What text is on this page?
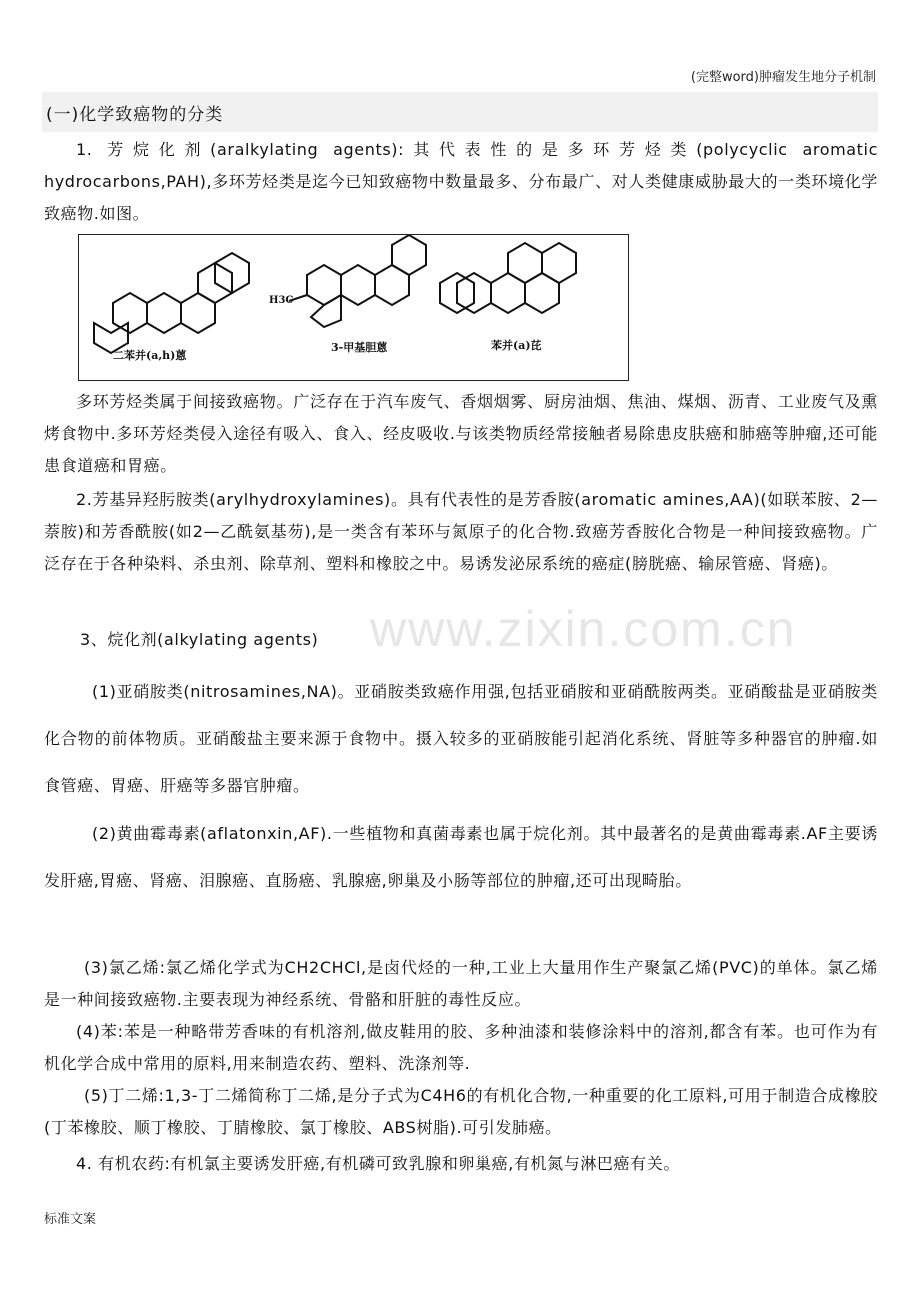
(完整word)肿瘤发生地分子机制
(一)化学致癌物的分类

1. 芳烷化剂(aralkylating agents):其代表性的是多环芳烃类(polycyclic aromatic hydrocarbons,PAH),多环芳烃类是迄今已知致癌物中数量最多、分布最广、对人类健康威胁最大的一类环境化学致癌物.如图。

二苯并(a,h)蒽
3-甲基胆蒽	苯并(a)芘
H3C

多环芳烃类属于间接致癌物。广泛存在于汽车废气、香烟烟雾、厨房油烟、焦油、煤烟、沥青、工业废气及熏烤食物中.多环芳烃类侵入途径有吸入、食入、经皮吸收.与该类物质经常接触者易除患皮肤癌和肺癌等肿瘤,还可能患食道癌和胃癌。

2.芳基异羟肟胺类(arylhydroxylamines)。具有代表性的是芳香胺(aromatic amines,AA)(如联苯胺、2—萘胺)和芳香酰胺(如2—乙酰氨基芴),是一类含有苯环与氮原子的化合物.致癌芳香胺化合物是一种间接致癌物。广泛存在于各种染料、杀虫剂、除草剂、塑料和橡胶之中。易诱发泌尿系统的癌症(膀胱癌、输尿管癌、肾癌)。

3、烷化剂(alkylating agents)

(1)亚硝胺类(nitrosamines,NA)。亚硝胺类致癌作用强,包括亚硝胺和亚硝酰胺两类。亚硝酸盐是亚硝胺类化合物的前体物质。亚硝酸盐主要来源于食物中。摄入较多的亚硝胺能引起消化系统、肾脏等多种器官的肿瘤.如食管癌、胃癌、肝癌等多器官肿瘤。

(2)黄曲霉毒素(aflatonxin,AF).一些植物和真菌毒素也属于烷化剂。其中最著名的是黄曲霉毒素.AF主要诱发肝癌,胃癌、肾癌、泪腺癌、直肠癌、乳腺癌,卵巢及小肠等部位的肿瘤,还可出现畸胎。

(3)氯乙烯:氯乙烯化学式为CH2CHCl,是卤代烃的一种,工业上大量用作生产聚氯乙烯(PVC)的单体。氯乙烯是一种间接致癌物.主要表现为神经系统、骨骼和肝脏的毒性反应。

(4)苯:苯是一种略带芳香味的有机溶剂,做皮鞋用的胶、多种油漆和装修涂料中的溶剂,都含有苯。也可作为有机化学合成中常用的原料,用来制造农药、塑料、洗涤剂等.

(5)丁二烯:1,3-丁二烯简称丁二烯,是分子式为C4H6的有机化合物,一种重要的化工原料,可用于制造合成橡胶(丁苯橡胶、顺丁橡胶、丁腈橡胶、氯丁橡胶、ABS树脂).可引发肺癌。

4. 有机农药:有机氯主要诱发肝癌,有机磷可致乳腺和卵巢癌,有机氮与淋巴癌有关。

www.zixin.com.cn
标准文案
